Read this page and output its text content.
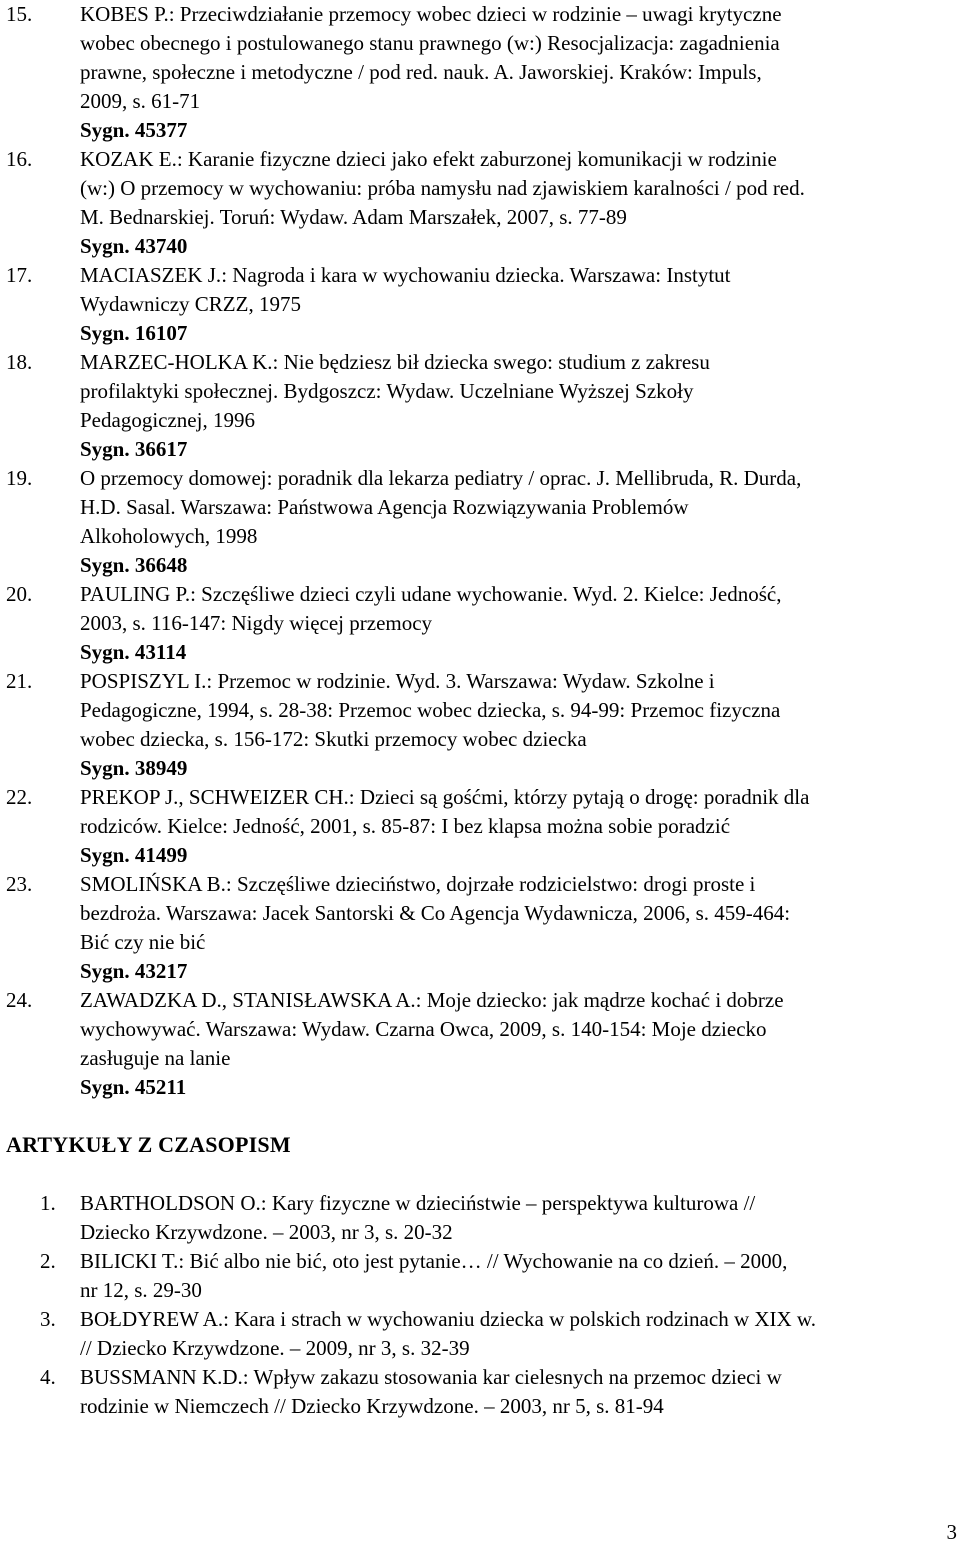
15. KOBES P.: Przeciwdziałanie przemocy wobec dzieci w rodzinie – uwagi krytyczne
wobec obecnego i postulowanego stanu prawnego (w:) Resocjalizacja: zagadnienia
prawne, społeczne i metodyczne / pod red. nauk. A. Jaworskiej. Kraków: Impuls,
2009, s. 61-71
Sygn. 45377
16. KOZAK E.: Karanie fizyczne dzieci jako efekt zaburzonej komunikacji w rodzinie
(w:) O przemocy w wychowaniu: próba namysłu nad zjawiskiem karalności / pod red.
M. Bednarskiej. Toruń: Wydaw. Adam Marszałek, 2007, s. 77-89
Sygn. 43740
17. MACIASZEK J.: Nagroda i kara w wychowaniu dziecka. Warszawa: Instytut
Wydawniczy CRZZ, 1975
Sygn. 16107
18. MARZEC-HOLKA K.: Nie będziesz bił dziecka swego: studium z zakresu
profilaktyki społecznej. Bydgoszcz: Wydaw. Uczelniane Wyższej Szkoły
Pedagogicznej, 1996
Sygn. 36617
19. O przemocy domowej: poradnik dla lekarza pediatry / oprac. J. Mellibruda, R. Durda,
H.D. Sasal. Warszawa: Państwowa Agencja Rozwiązywania Problemów
Alkoholowych, 1998
Sygn. 36648
20. PAULING P.: Szczęśliwe dzieci czyli udane wychowanie. Wyd. 2. Kielce: Jedność,
2003, s. 116-147: Nigdy więcej przemocy
Sygn. 43114
21. POSPISZYL I.: Przemoc w rodzinie. Wyd. 3. Warszawa: Wydaw. Szkolne i
Pedagogiczne, 1994, s. 28-38: Przemoc wobec dziecka, s. 94-99: Przemoc fizyczna
wobec dziecka, s. 156-172: Skutki przemocy wobec dziecka
Sygn. 38949
22. PREKOP J., SCHWEIZER CH.: Dzieci są gośćmi, którzy pytają o drogę: poradnik dla
rodziców. Kielce: Jedność, 2001, s. 85-87: I bez klapsa można sobie poradzić
Sygn. 41499
23. SMOLIŃSKA B.: Szczęśliwe dzieciństwo, dojrzałe rodzicielstwo: drogi proste i
bezdroża. Warszawa: Jacek Santorski & Co Agencja Wydawnicza, 2006, s. 459-464:
Bić czy nie bić
Sygn. 43217
24. ZAWADZKA D., STANISŁAWSKA A.: Moje dziecko: jak mądrze kochać i dobrze
wychowywać. Warszawa: Wydaw. Czarna Owca, 2009, s. 140-154: Moje dziecko
zasługuje na lanie
Sygn. 45211
ARTYKUŁY Z CZASOPISM
1. BARTHOLDSON O.: Kary fizyczne w dzieciństwie – perspektywa kulturowa //
Dziecko Krzywdzone. – 2003, nr 3, s. 20-32
2. BILICKI T.: Bić albo nie bić, oto jest pytanie… // Wychowanie na co dzień. – 2000,
nr 12, s. 29-30
3. BOŁDYREW A.: Kara i strach w wychowaniu dziecka w polskich rodzinach w XIX w.
// Dziecko Krzywdzone. – 2009, nr 3, s. 32-39
4. BUSSMANN K.D.: Wpływ zakazu stosowania kar cielesnych na przemoc dzieci w
rodzinie w Niemczech // Dziecko Krzywdzone. – 2003, nr 5, s. 81-94
3
